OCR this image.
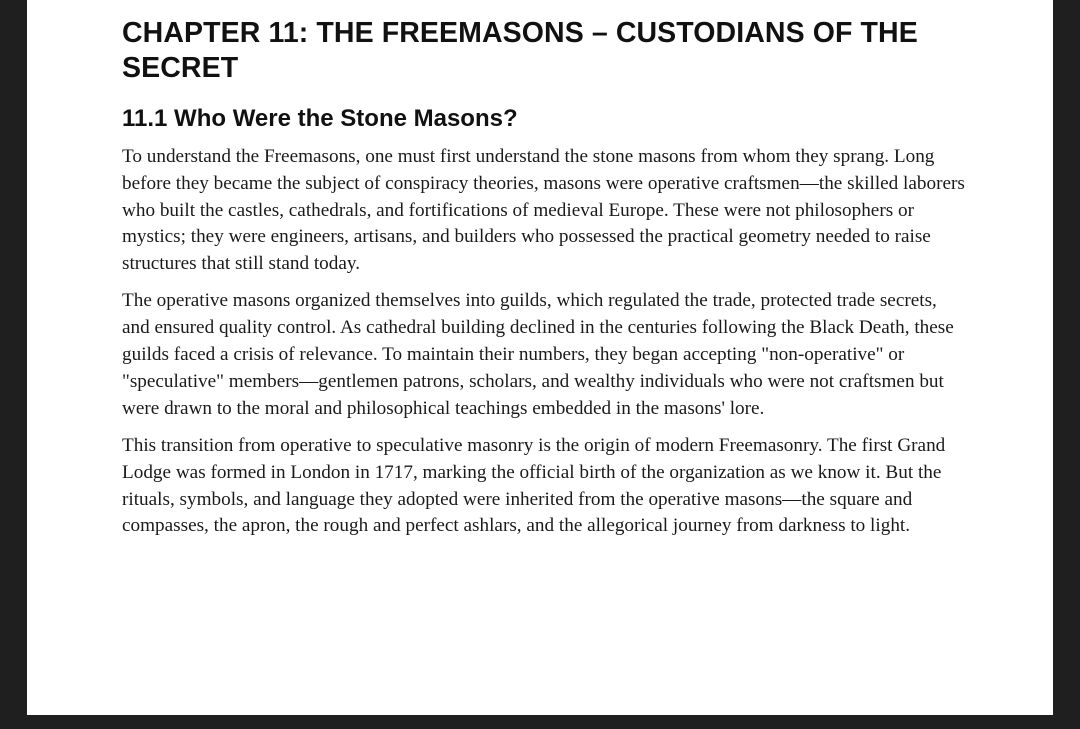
CHAPTER 11: THE FREEMASONS – CUSTODIANS OF THE SECRET
11.1 Who Were the Stone Masons?

To understand the Freemasons, one must first understand the stone masons from whom they sprang. Long before they became the subject of conspiracy theories, masons were operative craftsmen—the skilled laborers who built the castles, cathedrals, and fortifications of medieval Europe. These were not philosophers or mystics; they were engineers, artisans, and builders who possessed the practical geometry needed to raise structures that still stand today.

The operative masons organized themselves into guilds, which regulated the trade, protected trade secrets, and ensured quality control. As cathedral building declined in the centuries following the Black Death, these guilds faced a crisis of relevance. To maintain their numbers, they began accepting "non-operative" or "speculative" members—gentlemen patrons, scholars, and wealthy individuals who were not craftsmen but were drawn to the moral and philosophical teachings embedded in the masons' lore.

This transition from operative to speculative masonry is the origin of modern Freemasonry. The first Grand Lodge was formed in London in 1717, marking the official birth of the organization as we know it. But the rituals, symbols, and language they adopted were inherited from the operative masons—the square and compasses, the apron, the rough and perfect ashlars, and the allegorical journey from darkness to light.
